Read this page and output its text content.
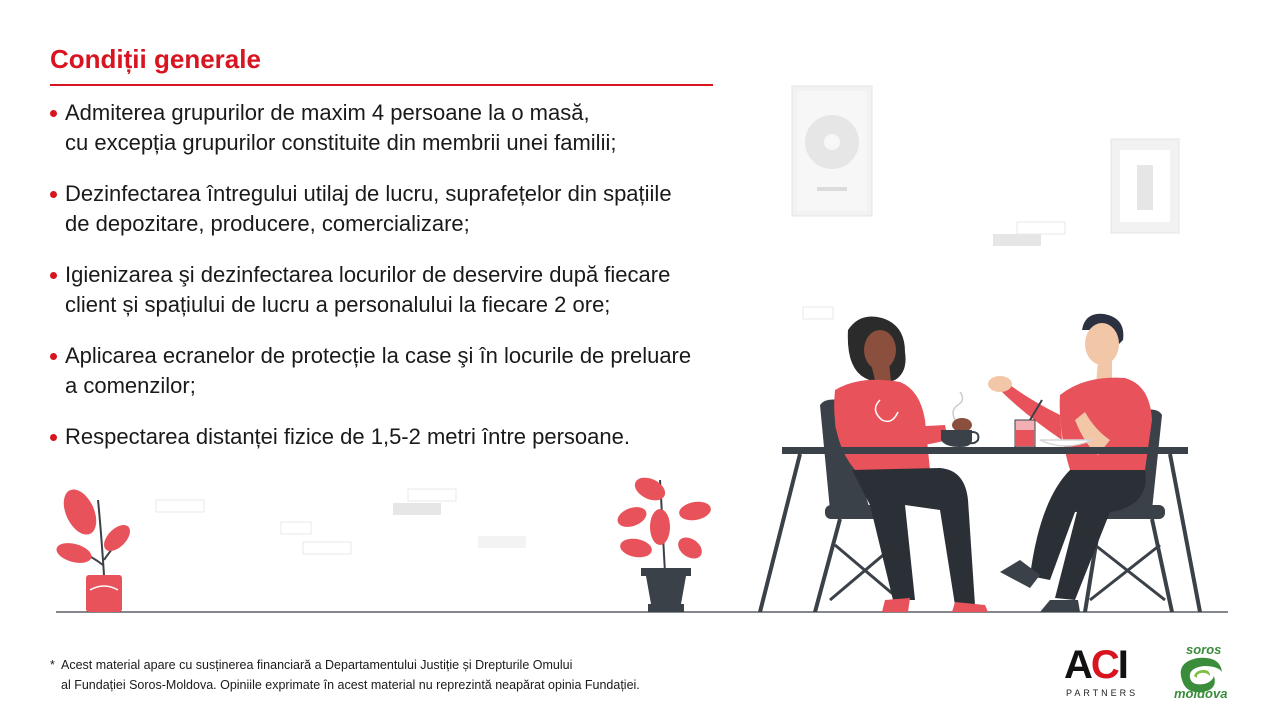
Condiții generale
Admiterea grupurilor de maxim 4 persoane la o masă,
cu excepția grupurilor constituite din membrii unei familii;
Dezinfectarea întregului utilaj de lucru, suprafețelor din spațiile
de depozitare, producere, comercializare;
Igienizarea şi dezinfectarea locurilor de deservire după fiecare
client și spațiului de lucru a personalului la fiecare 2 ore;
Aplicarea ecranelor de protecție la case şi în locurile de preluare
a comenzilor;
Respectarea distanței fizice de 1,5-2 metri între persoane.
* Acest material apare cu susținerea financiară a Departamentului Justiție și Drepturile Omului
al Fundației Soros-Moldova. Opiniile exprimate în acest material nu reprezintă neapărat opinia Fundației.	ACI
PARTNERS
soros
moldova
